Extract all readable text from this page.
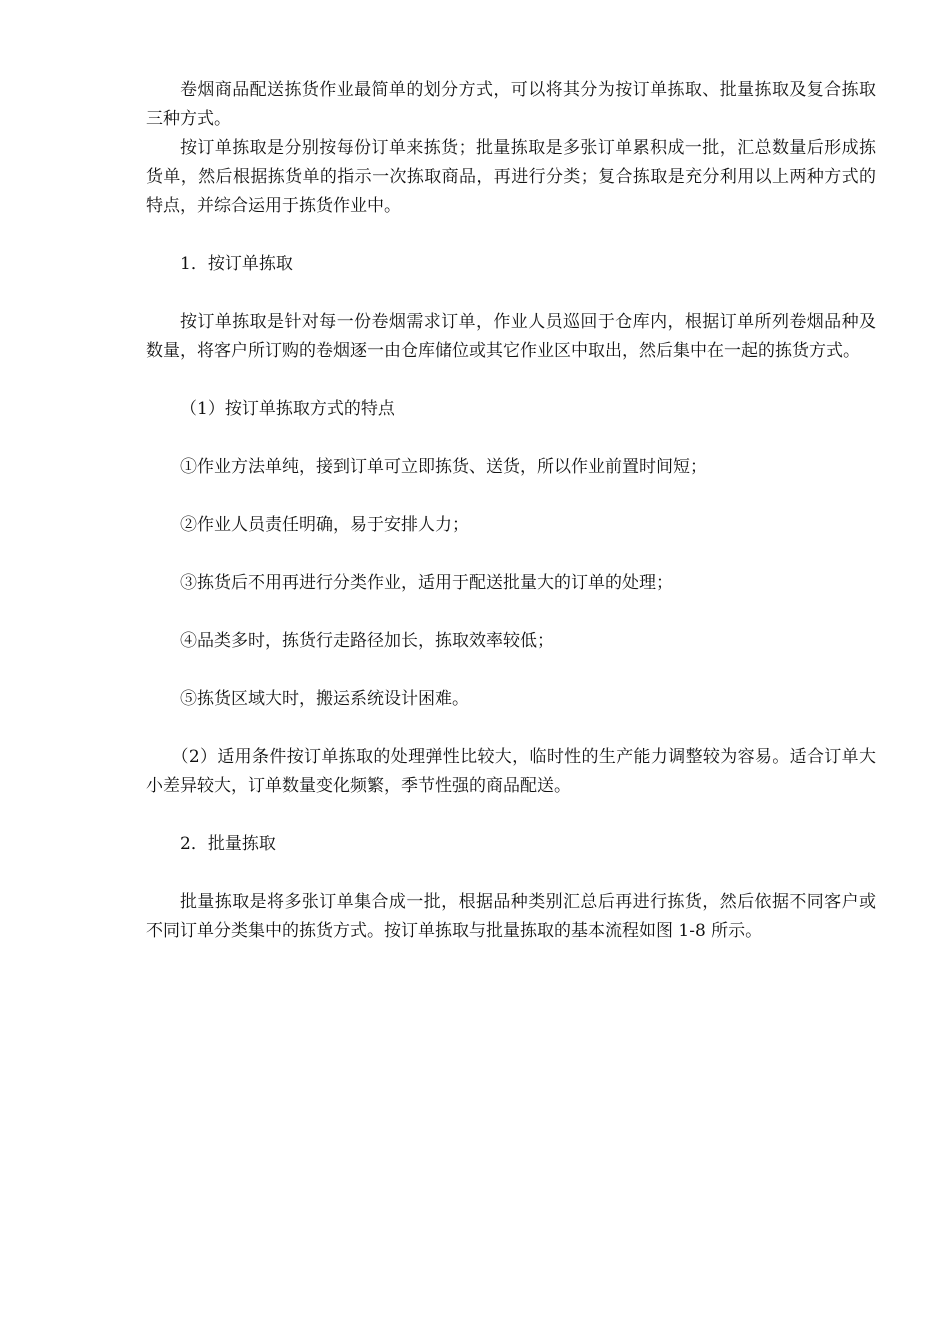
卷烟商品配送拣货作业最简单的划分方式，可以将其分为按订单拣取、批量拣取及复合拣取三种方式。

按订单拣取是分别按每份订单来拣货；批量拣取是多张订单累积成一批，汇总数量后形成拣货单，然后根据拣货单的指示一次拣取商品，再进行分类；复合拣取是充分利用以上两种方式的特点，并综合运用于拣货作业中。

1．按订单拣取

按订单拣取是针对每一份卷烟需求订单，作业人员巡回于仓库内，根据订单所列卷烟品种及数量，将客户所订购的卷烟逐一由仓库储位或其它作业区中取出，然后集中在一起的拣货方式。

（1）按订单拣取方式的特点

①作业方法单纯，接到订单可立即拣货、送货，所以作业前置时间短；

②作业人员责任明确，易于安排人力；

③拣货后不用再进行分类作业，适用于配送批量大的订单的处理；

④品类多时，拣货行走路径加长，拣取效率较低；

⑤拣货区域大时，搬运系统设计困难。

（2）适用条件按订单拣取的处理弹性比较大，临时性的生产能力调整较为容易。适合订单大小差异较大，订单数量变化频繁，季节性强的商品配送。

2．批量拣取

批量拣取是将多张订单集合成一批，根据品种类别汇总后再进行拣货，然后依据不同客户或不同订单分类集中的拣货方式。按订单拣取与批量拣取的基本流程如图 1-8 所示。
